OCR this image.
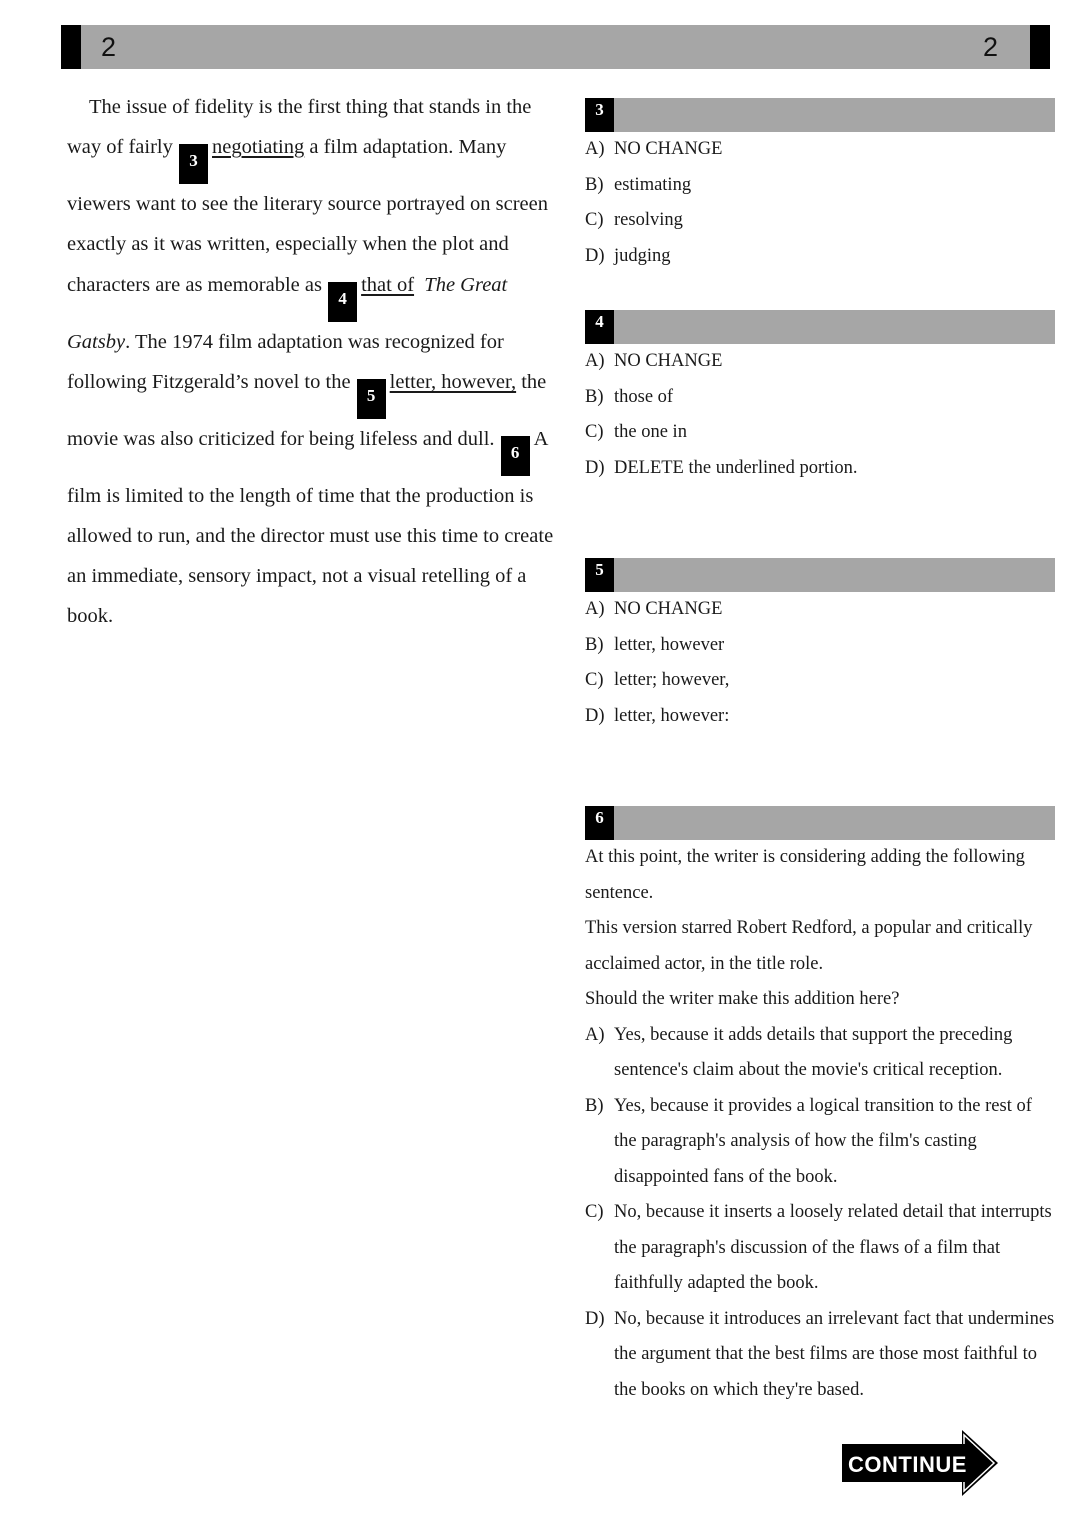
2	2

The issue of fidelity is the first thing that stands in the way of fairly 3negotiating a film adaptation. Many viewers want to see the literary source portrayed on screen exactly as it was written, especially when the plot and characters are as memorable as 4that of The Great Gatsby. The 1974 film adaptation was recognized for following Fitzgerald’s novel to the 5letter, however, the movie was also criticized for being lifeless and dull. 6A film is limited to the length of time that the production is allowed to run, and the director must use this time to create an immediate, sensory impact, not a visual retelling of a book.

3
A) NO CHANGE
B) estimating
C) resolving
D) judging
4
A) NO CHANGE
B) those of
C) the one in
D) DELETE the underlined portion.
5
A) NO CHANGE
B) letter, however
C) letter; however,
D) letter, however:
6

At this point, the writer is considering adding the following sentence.

This version starred Robert Redford, a popular and critically acclaimed actor, in the title role.

Should the writer make this addition here?

A) Yes, because it adds details that support the preceding sentence's claim about the movie's critical reception.
B) Yes, because it provides a logical transition to the rest of the paragraph's analysis of how the film's casting disappointed fans of the book.
C) No, because it inserts a loosely related detail that interrupts the paragraph's discussion of the flaws of a film that faithfully adapted the book.
D) No, because it introduces an irrelevant fact that undermines the argument that the best films are those most faithful to the books on which they're based.
CONTINUE
